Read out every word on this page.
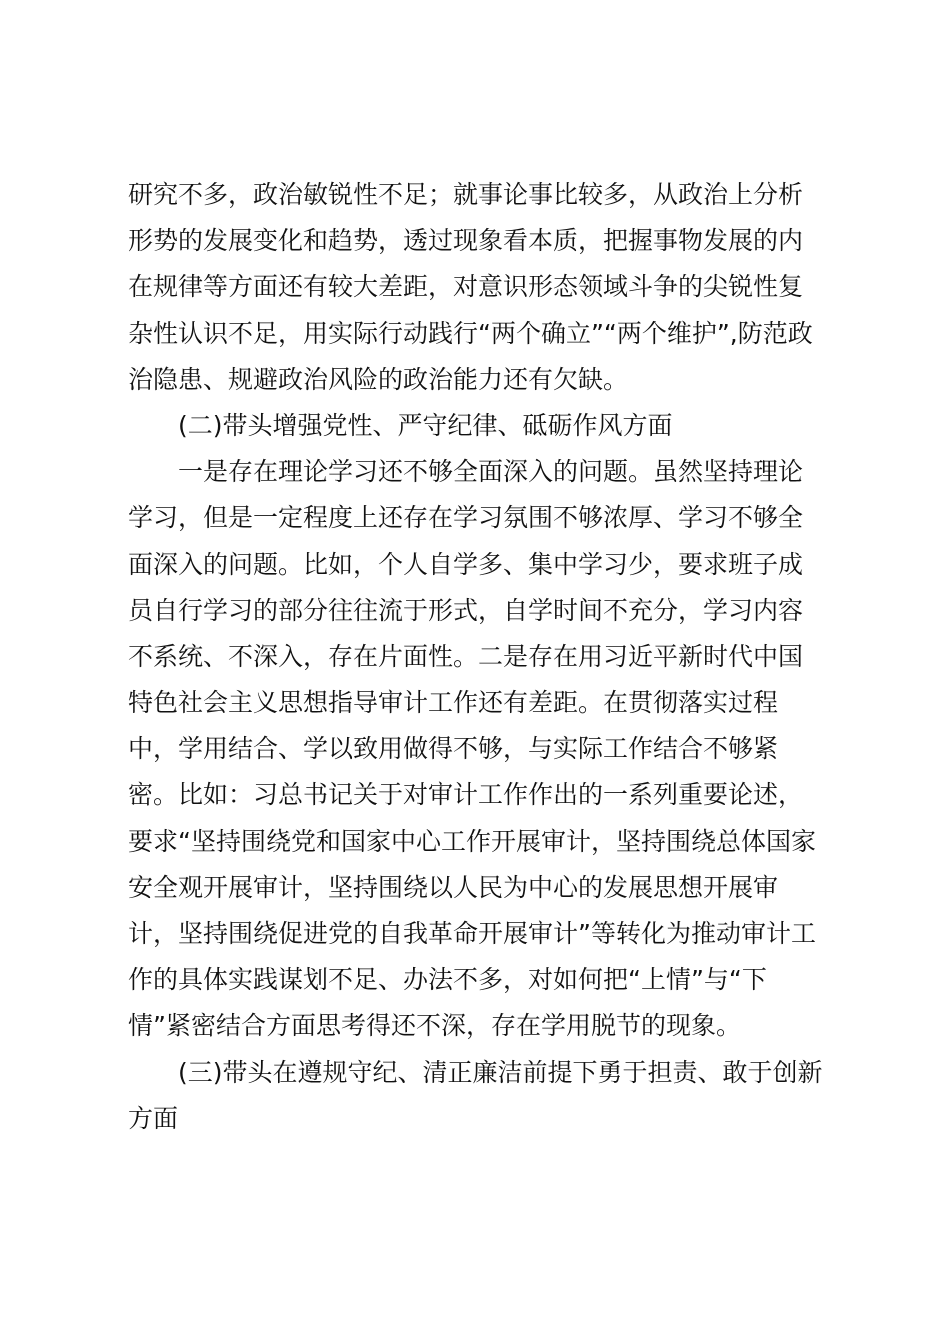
研究不多，政治敏锐性不足；就事论事比较多，从政治上分析
形势的发展变化和趋势，透过现象看本质，把握事物发展的内
在规律等方面还有较大差距，对意识形态领域斗争的尖锐性复
杂性认识不足，用实际行动践行“两个确立”“两个维护”,防范政
治隐患、规避政治风险的政治能力还有欠缺。
(二)带头增强党性、严守纪律、砥砺作风方面
一是存在理论学习还不够全面深入的问题。虽然坚持理论
学习，但是一定程度上还存在学习氛围不够浓厚、学习不够全
面深入的问题。比如，个人自学多、集中学习少，要求班子成
员自行学习的部分往往流于形式，自学时间不充分，学习内容
不系统、不深入，存在片面性。二是存在用习近平新时代中国
特色社会主义思想指导审计工作还有差距。在贯彻落实过程
中，学用结合、学以致用做得不够，与实际工作结合不够紧
密。比如：习总书记关于对审计工作作出的一系列重要论述，
要求“坚持围绕党和国家中心工作开展审计，坚持围绕总体国家
安全观开展审计，坚持围绕以人民为中心的发展思想开展审
计，坚持围绕促进党的自我革命开展审计”等转化为推动审计工
作的具体实践谋划不足、办法不多，对如何把“上情”与“下
情”紧密结合方面思考得还不深，存在学用脱节的现象。
(三)带头在遵规守纪、清正廉洁前提下勇于担责、敢于创新
方面
